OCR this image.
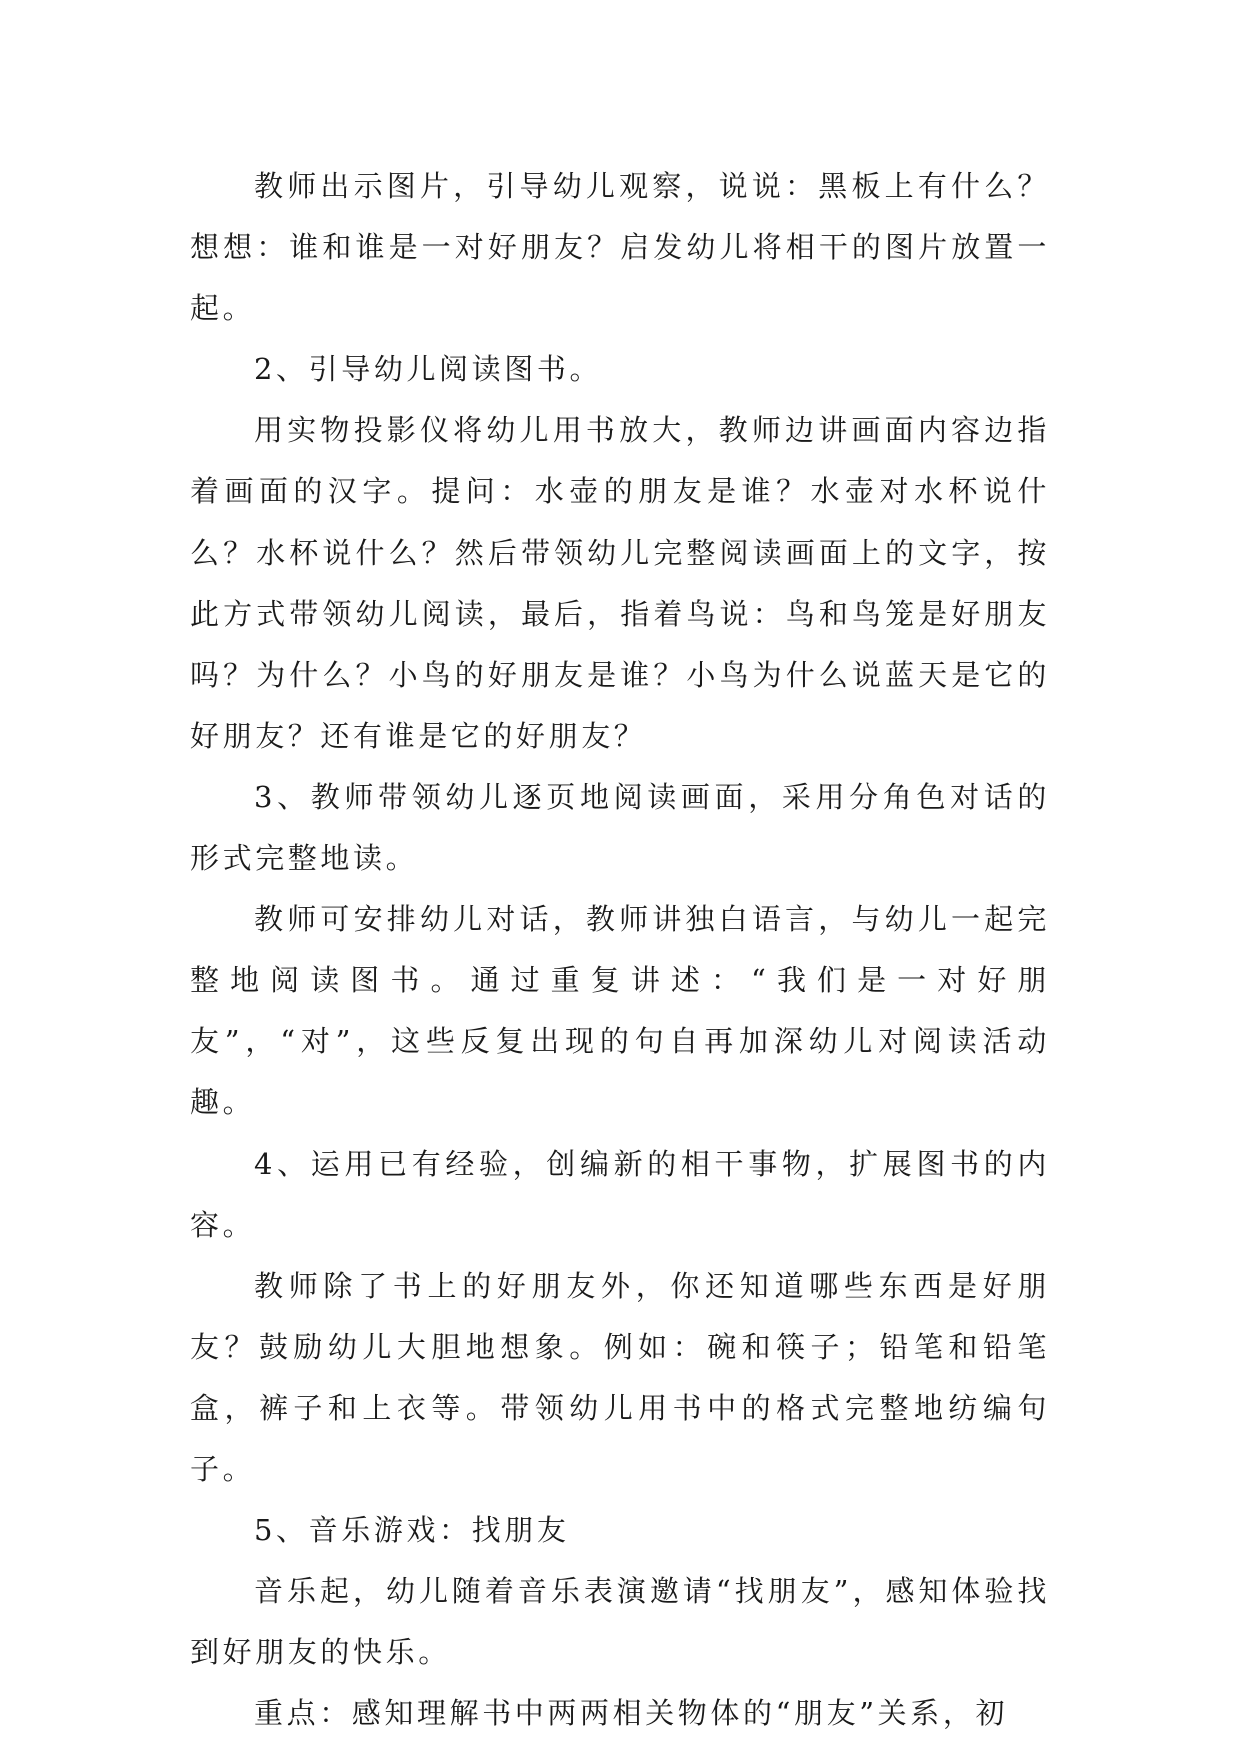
教师出示图片，引导幼儿观察，说说：黑板上有什么？想想：谁和谁是一对好朋友？启发幼儿将相干的图片放置一起。

2、引导幼儿阅读图书。

用实物投影仪将幼儿用书放大，教师边讲画面内容边指着画面的汉字。提问：水壶的朋友是谁？水壶对水杯说什么？水杯说什么？然后带领幼儿完整阅读画面上的文字，按此方式带领幼儿阅读，最后，指着鸟说：鸟和鸟笼是好朋友吗？为什么？小鸟的好朋友是谁？小鸟为什么说蓝天是它的好朋友？还有谁是它的好朋友？

3、教师带领幼儿逐页地阅读画面，采用分角色对话的形式完整地读。

教师可安排幼儿对话，教师讲独白语言，与幼儿一起完整地阅读图书。通过重复讲述：“我们是一对好朋友”，“对”，这些反复出现的句自再加深幼儿对阅读活动趣。

4、运用已有经验，创编新的相干事物，扩展图书的内容。

教师除了书上的好朋友外，你还知道哪些东西是好朋友？鼓励幼儿大胆地想象。例如：碗和筷子；铅笔和铅笔盒，裤子和上衣等。带领幼儿用书中的格式完整地纺编句子。

5、音乐游戏：找朋友

音乐起，幼儿随着音乐表演邀请“找朋友”，感知体验找到好朋友的快乐。

重点：感知理解书中两两相关物体的“朋友”关系，初
